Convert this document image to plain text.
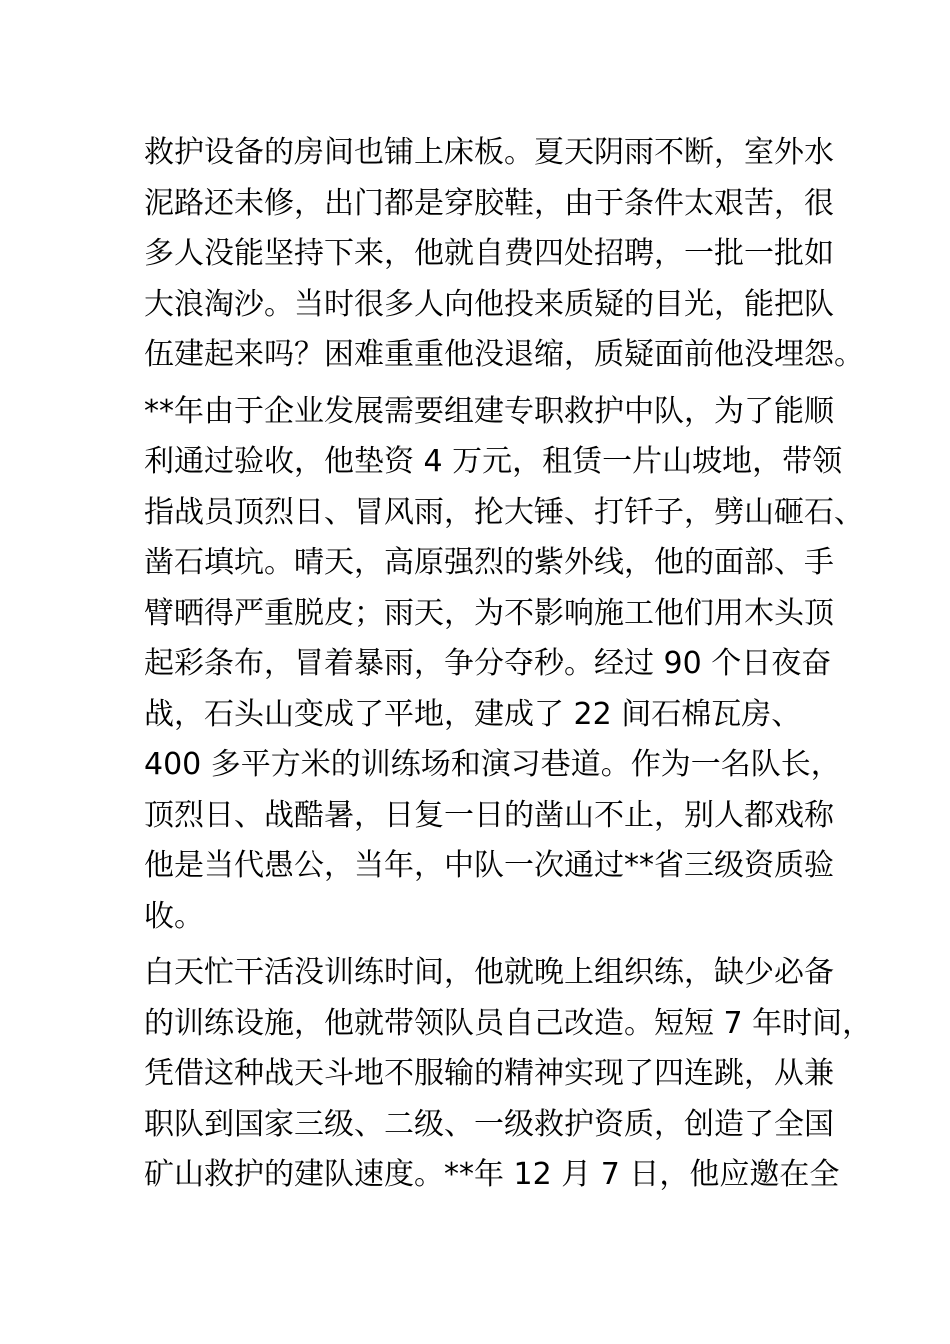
救护设备的房间也铺上床板。夏天阴雨不断，室外水
泥路还未修，出门都是穿胶鞋，由于条件太艰苦，很
多人没能坚持下来，他就自费四处招聘，一批一批如
大浪淘沙。当时很多人向他投来质疑的目光，能把队
伍建起来吗？困难重重他没退缩，质疑面前他没埋怨。
**年由于企业发展需要组建专职救护中队，为了能顺
利通过验收，他垫资 4 万元，租赁一片山坡地，带领
指战员顶烈日、冒风雨，抡大锤、打钎子，劈山砸石、
凿石填坑。晴天，高原强烈的紫外线，他的面部、手
臂晒得严重脱皮；雨天，为不影响施工他们用木头顶
起彩条布，冒着暴雨，争分夺秒。经过 90 个日夜奋
战，石头山变成了平地，建成了 22 间石棉瓦房、
400 多平方米的训练场和演习巷道。作为一名队长，
顶烈日、战酷暑，日复一日的凿山不止，别人都戏称
他是当代愚公，当年，中队一次通过**省三级资质验
收。
白天忙干活没训练时间，他就晚上组织练，缺少必备
的训练设施，他就带领队员自己改造。短短 7 年时间，
凭借这种战天斗地不服输的精神实现了四连跳，从兼
职队到国家三级、二级、一级救护资质，创造了全国
矿山救护的建队速度。**年 12 月 7 日，他应邀在全
